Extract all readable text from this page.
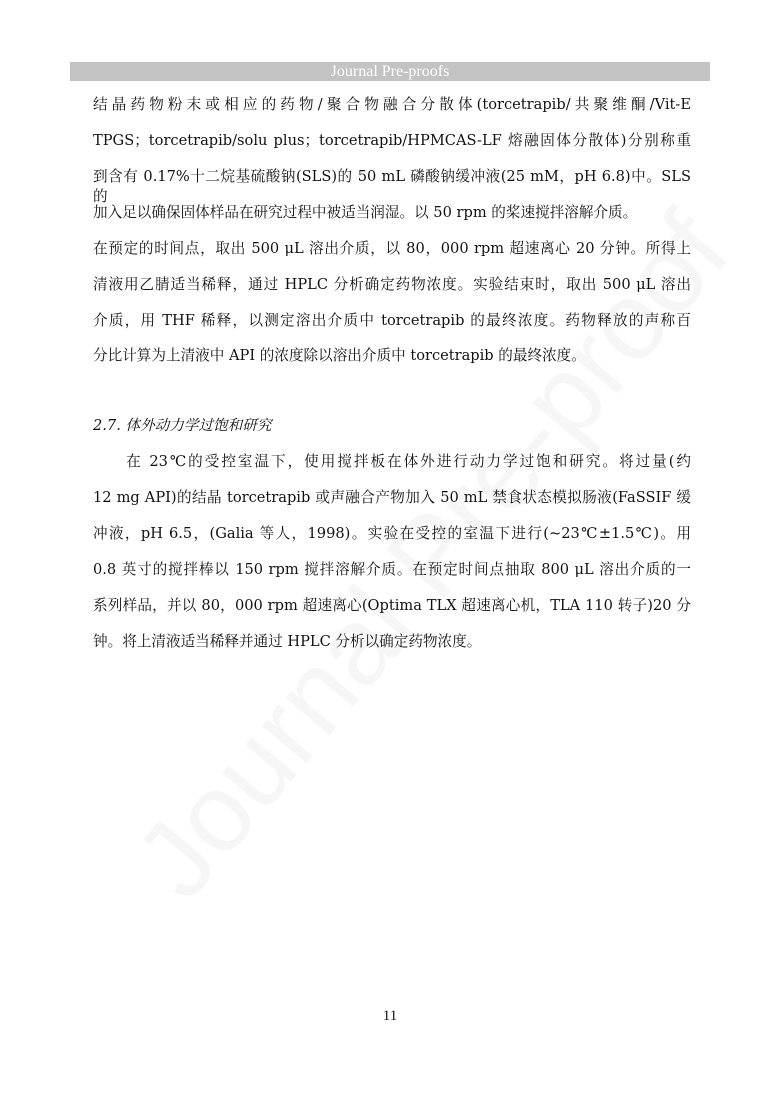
Journal Pre-proofs
结晶药物粉末或相应的药物/聚合物融合分散体(torcetrapib/共聚维酮/Vit-E
TPGS；torcetrapib/solu plus；torcetrapib/HPMCAS-LF 熔融固体分散体)分别称重
到含有 0.17%十二烷基硫酸钠(SLS)的 50 mL 磷酸钠缓冲液(25 mM，pH 6.8)中。SLS 的
加入足以确保固体样品在研究过程中被适当润湿。以 50 rpm 的桨速搅拌溶解介质。
在预定的时间点，取出 500 μL 溶出介质，以 80，000 rpm 超速离心 20 分钟。所得上
清液用乙腈适当稀释，通过 HPLC 分析确定药物浓度。实验结束时，取出 500 μL 溶出
介质，用 THF 稀释，以测定溶出介质中 torcetrapib 的最终浓度。药物释放的声称百
分比计算为上清液中 API 的浓度除以溶出介质中 torcetrapib 的最终浓度。
2.7. 体外动力学过饱和研究
　　在 23℃的受控室温下，使用搅拌板在体外进行动力学过饱和研究。将过量(约
12 mg API)的结晶 torcetrapib 或声融合产物加入 50 mL 禁食状态模拟肠液(FaSSIF 缓
冲液，pH 6.5，(Galia 等人，1998)。实验在受控的室温下进行(~23℃±1.5℃)。用
0.8 英寸的搅拌棒以 150 rpm 搅拌溶解介质。在预定时间点抽取 800 μL 溶出介质的一
系列样品，并以 80，000 rpm 超速离心(Optima TLX 超速离心机，TLA 110 转子)20 分
钟。将上清液适当稀释并通过 HPLC 分析以确定药物浓度。
11
